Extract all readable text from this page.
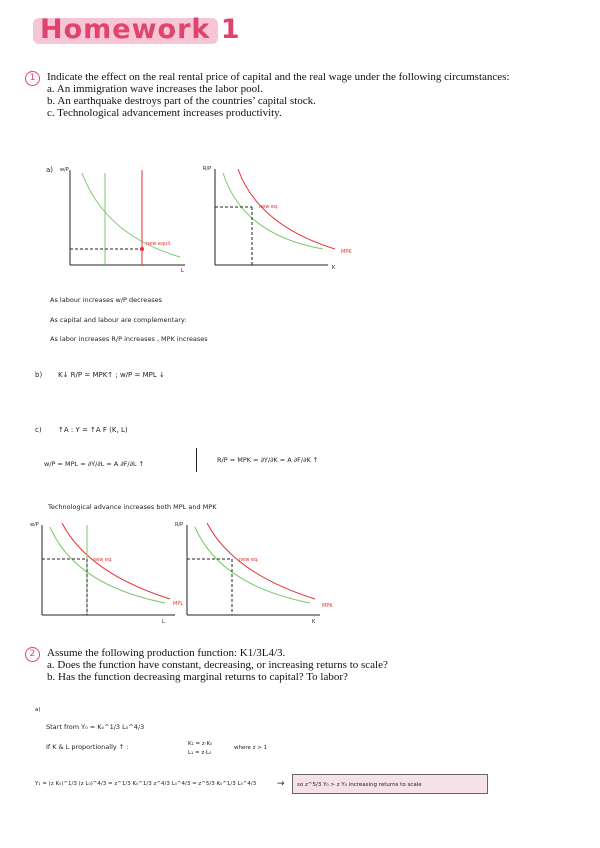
Homework 1
1	Indicate the effect on the real rental price of capital and the real wage under the following circumstances:
a. An immigration wave increases the labor pool.
b. An earthquake destroys part of the countries’ capital stock.
c. Technological advancement increases productivity.
a) w/P
L
new equil.
R/P
K
new eq.
MPK
As labour increases w/P decreases
As capital and labour are complementary:
As labor increases R/P increases , MPK increases
b) K↓ R/P = MPK↑ ; w/P = MPL ↓
c) ↑A : Y = ↑A F (K, L)
w/P = MPL = ∂Y/∂L = A ∂F/∂L ↑	R/P = MPK = ∂Y/∂K = A ∂F/∂K ↑
Technological advance increases both MPL and MPK
w/P
L
new eq.
MPL
R/P
K
new eq.
MPK
2	Assume the following production function: K1/3L4/3.
a. Does the function have constant, decreasing, or increasing returns to scale?
b. Has the function decreasing marginal returns to capital? To labor?
a)
Start from Y₀ = K₀^1/3 L₀^4/3
If K & L proportionally ↑ :	K₁ = z·K₀
L₁ = z·L₀
where z > 1
Y₁ = (z K₀)^1/3 (z L₀)^4/3 = z^1/3 K₀^1/3 z^4/3 L₀^4/3 = z^5/3 K₀^1/3 L₀^4/3 →	so z^5/3 Y₀ > z Y₀ increasing returns to scale
